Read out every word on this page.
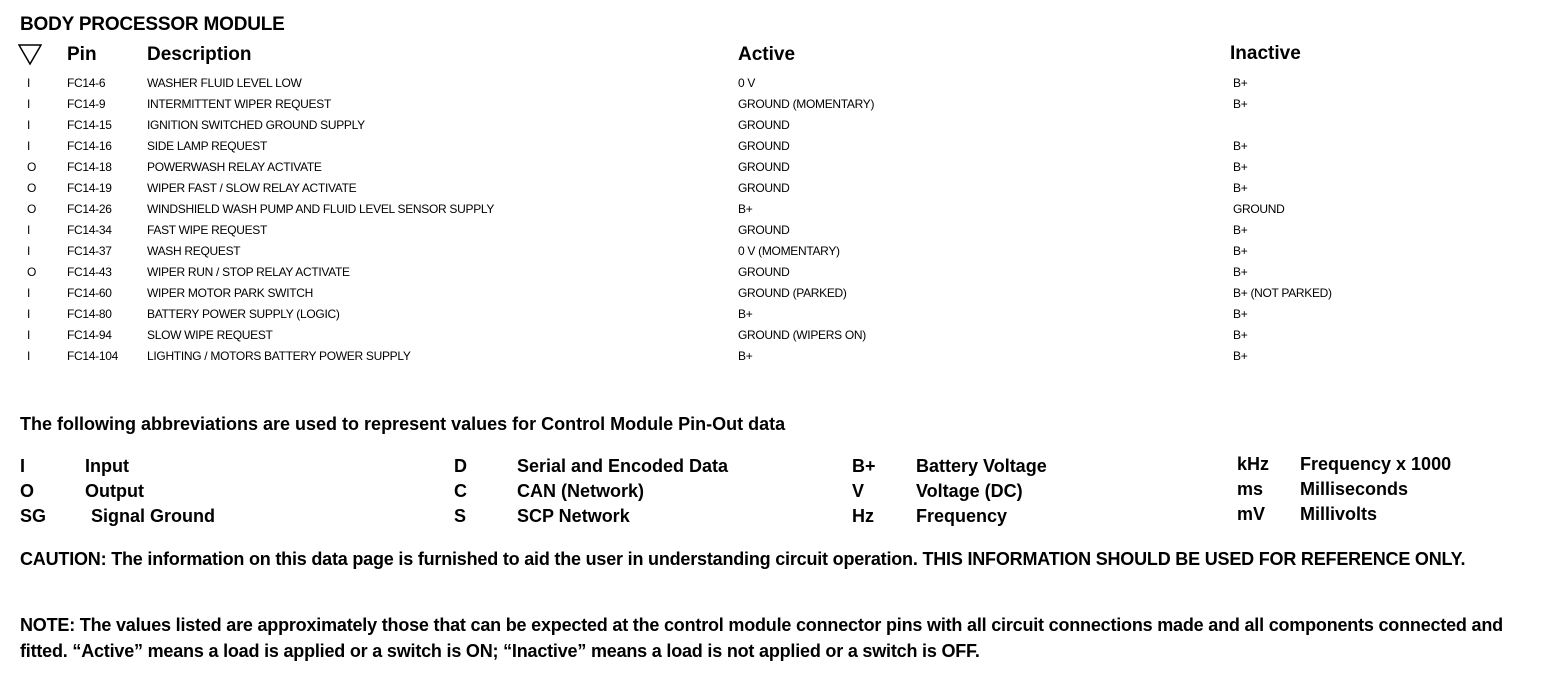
BODY PROCESSOR MODULE
Pin	Description	Active	Inactive
I	FC14-6	WASHER FLUID LEVEL LOW	0 V	B+
I	FC14-9	INTERMITTENT WIPER REQUEST	GROUND (MOMENTARY)	B+
I	FC14-15	IGNITION SWITCHED GROUND SUPPLY	GROUND
I	FC14-16	SIDE LAMP REQUEST	GROUND	B+
O	FC14-18	POWERWASH RELAY ACTIVATE	GROUND	B+
O	FC14-19	WIPER FAST / SLOW RELAY ACTIVATE	GROUND	B+
O	FC14-26	WINDSHIELD WASH PUMP AND FLUID LEVEL SENSOR SUPPLY	B+	GROUND
I	FC14-34	FAST WIPE REQUEST	GROUND	B+
I	FC14-37	WASH REQUEST	0 V (MOMENTARY)	B+
O	FC14-43	WIPER RUN / STOP RELAY ACTIVATE	GROUND	B+
I	FC14-60	WIPER MOTOR PARK SWITCH	GROUND (PARKED)	B+ (NOT PARKED)
I	FC14-80	BATTERY POWER SUPPLY (LOGIC)	B+	B+
I	FC14-94	SLOW WIPE REQUEST	GROUND (WIPERS ON)	B+
I	FC14-104 LIGHTING / MOTORS BATTERY POWER SUPPLY	B+	B+
The following abbreviations are used to represent values for Control Module Pin-Out data
I	Input
O	Output
SG Signal Ground
D	Serial and Encoded Data
C	CAN (Network)
S	SCP Network
B+ Battery Voltage
V	Voltage (DC)
Hz Frequency
kHz Frequency x 1000
ms Milliseconds
mV Millivolts
CAUTION: The information on this data page is furnished to aid the user in understanding circuit operation. THIS INFORMATION SHOULD BE USED FOR REFERENCE ONLY.
NOTE: The values listed are approximately those that can be expected at the control module connector pins with all circuit connections made and all components connected and fitted. “Active” means a load is applied or a switch is ON; “Inactive” means a load is not applied or a switch is OFF.
